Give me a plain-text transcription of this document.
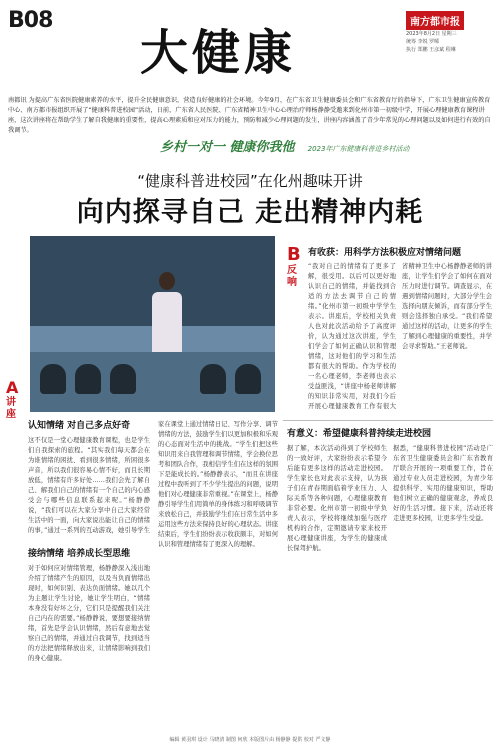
B08
大健康
南方都市报
2023年8月2日 星期三
统筹 李锐 罗晞
执行 郑鹏 王彦斌 程琳
南都讯 为提高广东省医院健康素养的水平，提升全民健康意识，营造良好健康的社会环境。今年9月，在广东省卫生健康委员会和广东省教育厅的指导下，广东卫生健康宣传教育中心、南方都市报组织开展了“健康科普进校园”活动，日前，广东省人民医院、广东省精神卫生中心心理治疗师杨静静受邀来到化州市第一初级中学，开展心理健康教育课程讲座，这次讲座将在帮助学生了解自我健康的重要性，提高心理素质和应对压力的能力，预防和减少心理问题的发生，讲座内容涵盖了青少年常见的心理问题以及如何进行有效的自我调节。
乡村一对一 健康你我他 2023年广东健康科普进乡村活动
“健康科普进校园”在化州趣味开讲
向内探寻自己 走出精神内耗
A
讲座
认知情绪 对自己多点好奇
这不仅是一堂心理健康教育课程，也是学生们自我探索的旅程。“其实我们每天都会在为谁情绪的困扰、看到很多情绪，所困很多声音，所以我们很容易心情不好，而且长期放低，情绪有许多好处……我们会先了解自己、解我们自己的情绪有一个自己的内心感受会与哪些信息联系起来呢。”杨静静说，“我们可以在大家分享中自己大家经常生活中的一面，向大家说出能让自己的情绪的事，”通过一系列的互动游戏，她引导学生
接纳情绪 培养成长型思维
对于如何应对情绪管理，杨静静深入浅出地介绍了情绪产生的原因，以及当负面情绪出现时，如何识别、表达负面情绪。她以几个为主题让学生讨论，她让学生明白，“情绪本身没有好坏之分，它们只是提醒我们关注自己内在的需要。”杨静静说，要想要接纳情绪，首先是学会认识情绪，然后有意地去觉察自己的情绪，并通过自我调节，找到适当的方法把情绪释放出来，让情绪影响到我们的身心健康。
家在课堂上通过情绪日记、写作分享、调节情绪的方法，鼓励学生们以更加积极和乐观的心态面对生活中的挑战。“学生们把这些知识用来自我管理和调节情绪，学会换位思考和团队合作，我相信学生们在这样的氛围下是能成长的。”杨静静表示，“而且在讲座过程中我听到了不少学生提出的问题，说明他们对心理健康非常重视。”在课堂上，杨静静引导学生们用简单的身体练习和呼吸调节来放松自己，并鼓励学生们在日常生活中多运用这些方法来保持良好的心理状态。讲座结束后，学生们纷纷表示收获颇丰，对如何认识和管理情绪有了更深入的理解。
B
反响
有收获：用科学方法积极应对情绪问题
“我对自己的情绪有了更多了解，很受用。以后可以更好地认识自己的情绪，并能找到合适的方法去调节自己的情绪。”化州市第一初级中学学生表示。讲座后，学校相关负责人也对此次活动给予了高度评价，认为通过这次讲座，学生们学会了如何正确认识和管理情绪，这对他们的学习和生活都有很大的帮助。作为学校的一名心理老师，李老师也表示受益匪浅，“讲座中杨老师讲解的知识非常实用，对我们今后开展心理健康教育工作有很大
省精神卫生中心杨静静老师的讲座，让学生们学会了如何在面对压力时进行调节。调查显示，在遇到情绪问题时，大部分学生会选择向朋友倾诉，而有部分学生则会选择独自承受。“我们希望通过这样的活动，让更多的学生了解到心理健康的重要性，并学会寻求帮助。”王老师说。
有意义：希望健康科普持续走进校园
据了解，本次活动得到了学校师生的一致好评，大家纷纷表示希望今后能有更多这样的活动走进校园。学生家长也对此表示支持，认为孩子们在青春期面临着学业压力、人际关系等各种问题，心理健康教育非常必要。化州市第一初级中学负责人表示，学校将继续加强与医疗机构的合作，定期邀请专家来校开展心理健康讲座，为学生的健康成长保驾护航。
据悉，“健康科普进校园”活动是广东省卫生健康委员会和广东省教育厅联合开展的一项重要工作，旨在通过专业人员走进校园，为青少年提供科学、实用的健康知识，帮助他们树立正确的健康观念，养成良好的生活习惯。接下来，活动还将走进更多校园，让更多学生受益。
编辑 黄羽琪 设计 马晓清 制图 何欣 本版图片由 杨静静 提供 校对 严文静
